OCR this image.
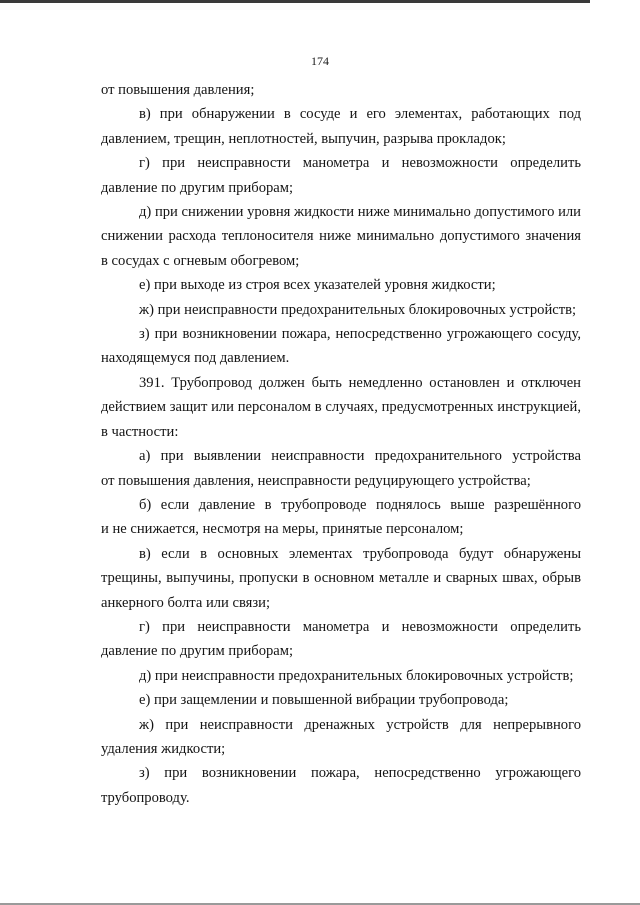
174

от повышения давления;

в) при обнаружении в сосуде и его элементах, работающих под
давлением, трещин, неплотностей, выпучин, разрыва прокладок;

г) при неисправности манометра и невозможности определить
давление по другим приборам;

д) при снижении уровня жидкости ниже минимально допустимого или
снижении расхода теплоносителя ниже минимально допустимого значения
в сосудах с огневым обогревом;

е) при выходе из строя всех указателей уровня жидкости;

ж) при неисправности предохранительных блокировочных устройств;

з) при возникновении пожара, непосредственно угрожающего сосуду,
находящемуся под давлением.

391. Трубопровод должен быть немедленно остановлен и отключен
действием защит или персоналом в случаях, предусмотренных инструкцией,
в частности:

а) при выявлении неисправности предохранительного устройства
от повышения давления, неисправности редуцирующего устройства;

б) если давление в трубопроводе поднялось выше разрешённого
и не снижается, несмотря на меры, принятые персоналом;

в) если в основных элементах трубопровода будут обнаружены
трещины, выпучины, пропуски в основном металле и сварных швах, обрыв
анкерного болта или связи;

г) при неисправности манометра и невозможности определить
давление по другим приборам;

д) при неисправности предохранительных блокировочных устройств;

е) при защемлении и повышенной вибрации трубопровода;

ж) при неисправности дренажных устройств для непрерывного
удаления жидкости;

з) при возникновении пожара, непосредственно угрожающего
трубопроводу.
